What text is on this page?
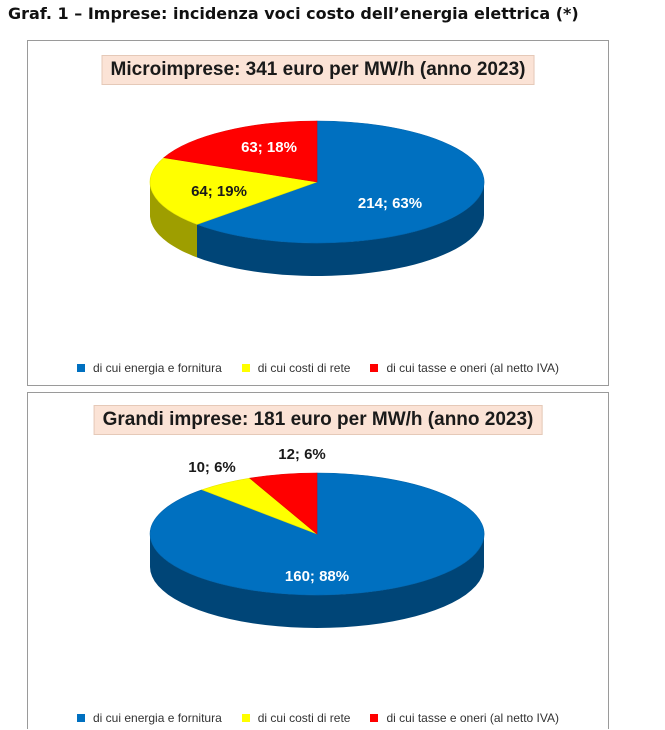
Graf. 1 – Imprese: incidenza voci costo dell’energia elettrica (*)
Microimprese: 341 euro per MW/h (anno 2023)
214; 63%
64; 19%
63; 18%
di cui energia e fornitura	di cui costi di rete	di cui tasse e oneri (al netto IVA)
Grandi imprese: 181 euro per MW/h (anno 2023)
160; 88%
10; 6%
12; 6%
di cui energia e fornitura	di cui costi di rete	di cui tasse e oneri (al netto IVA)
